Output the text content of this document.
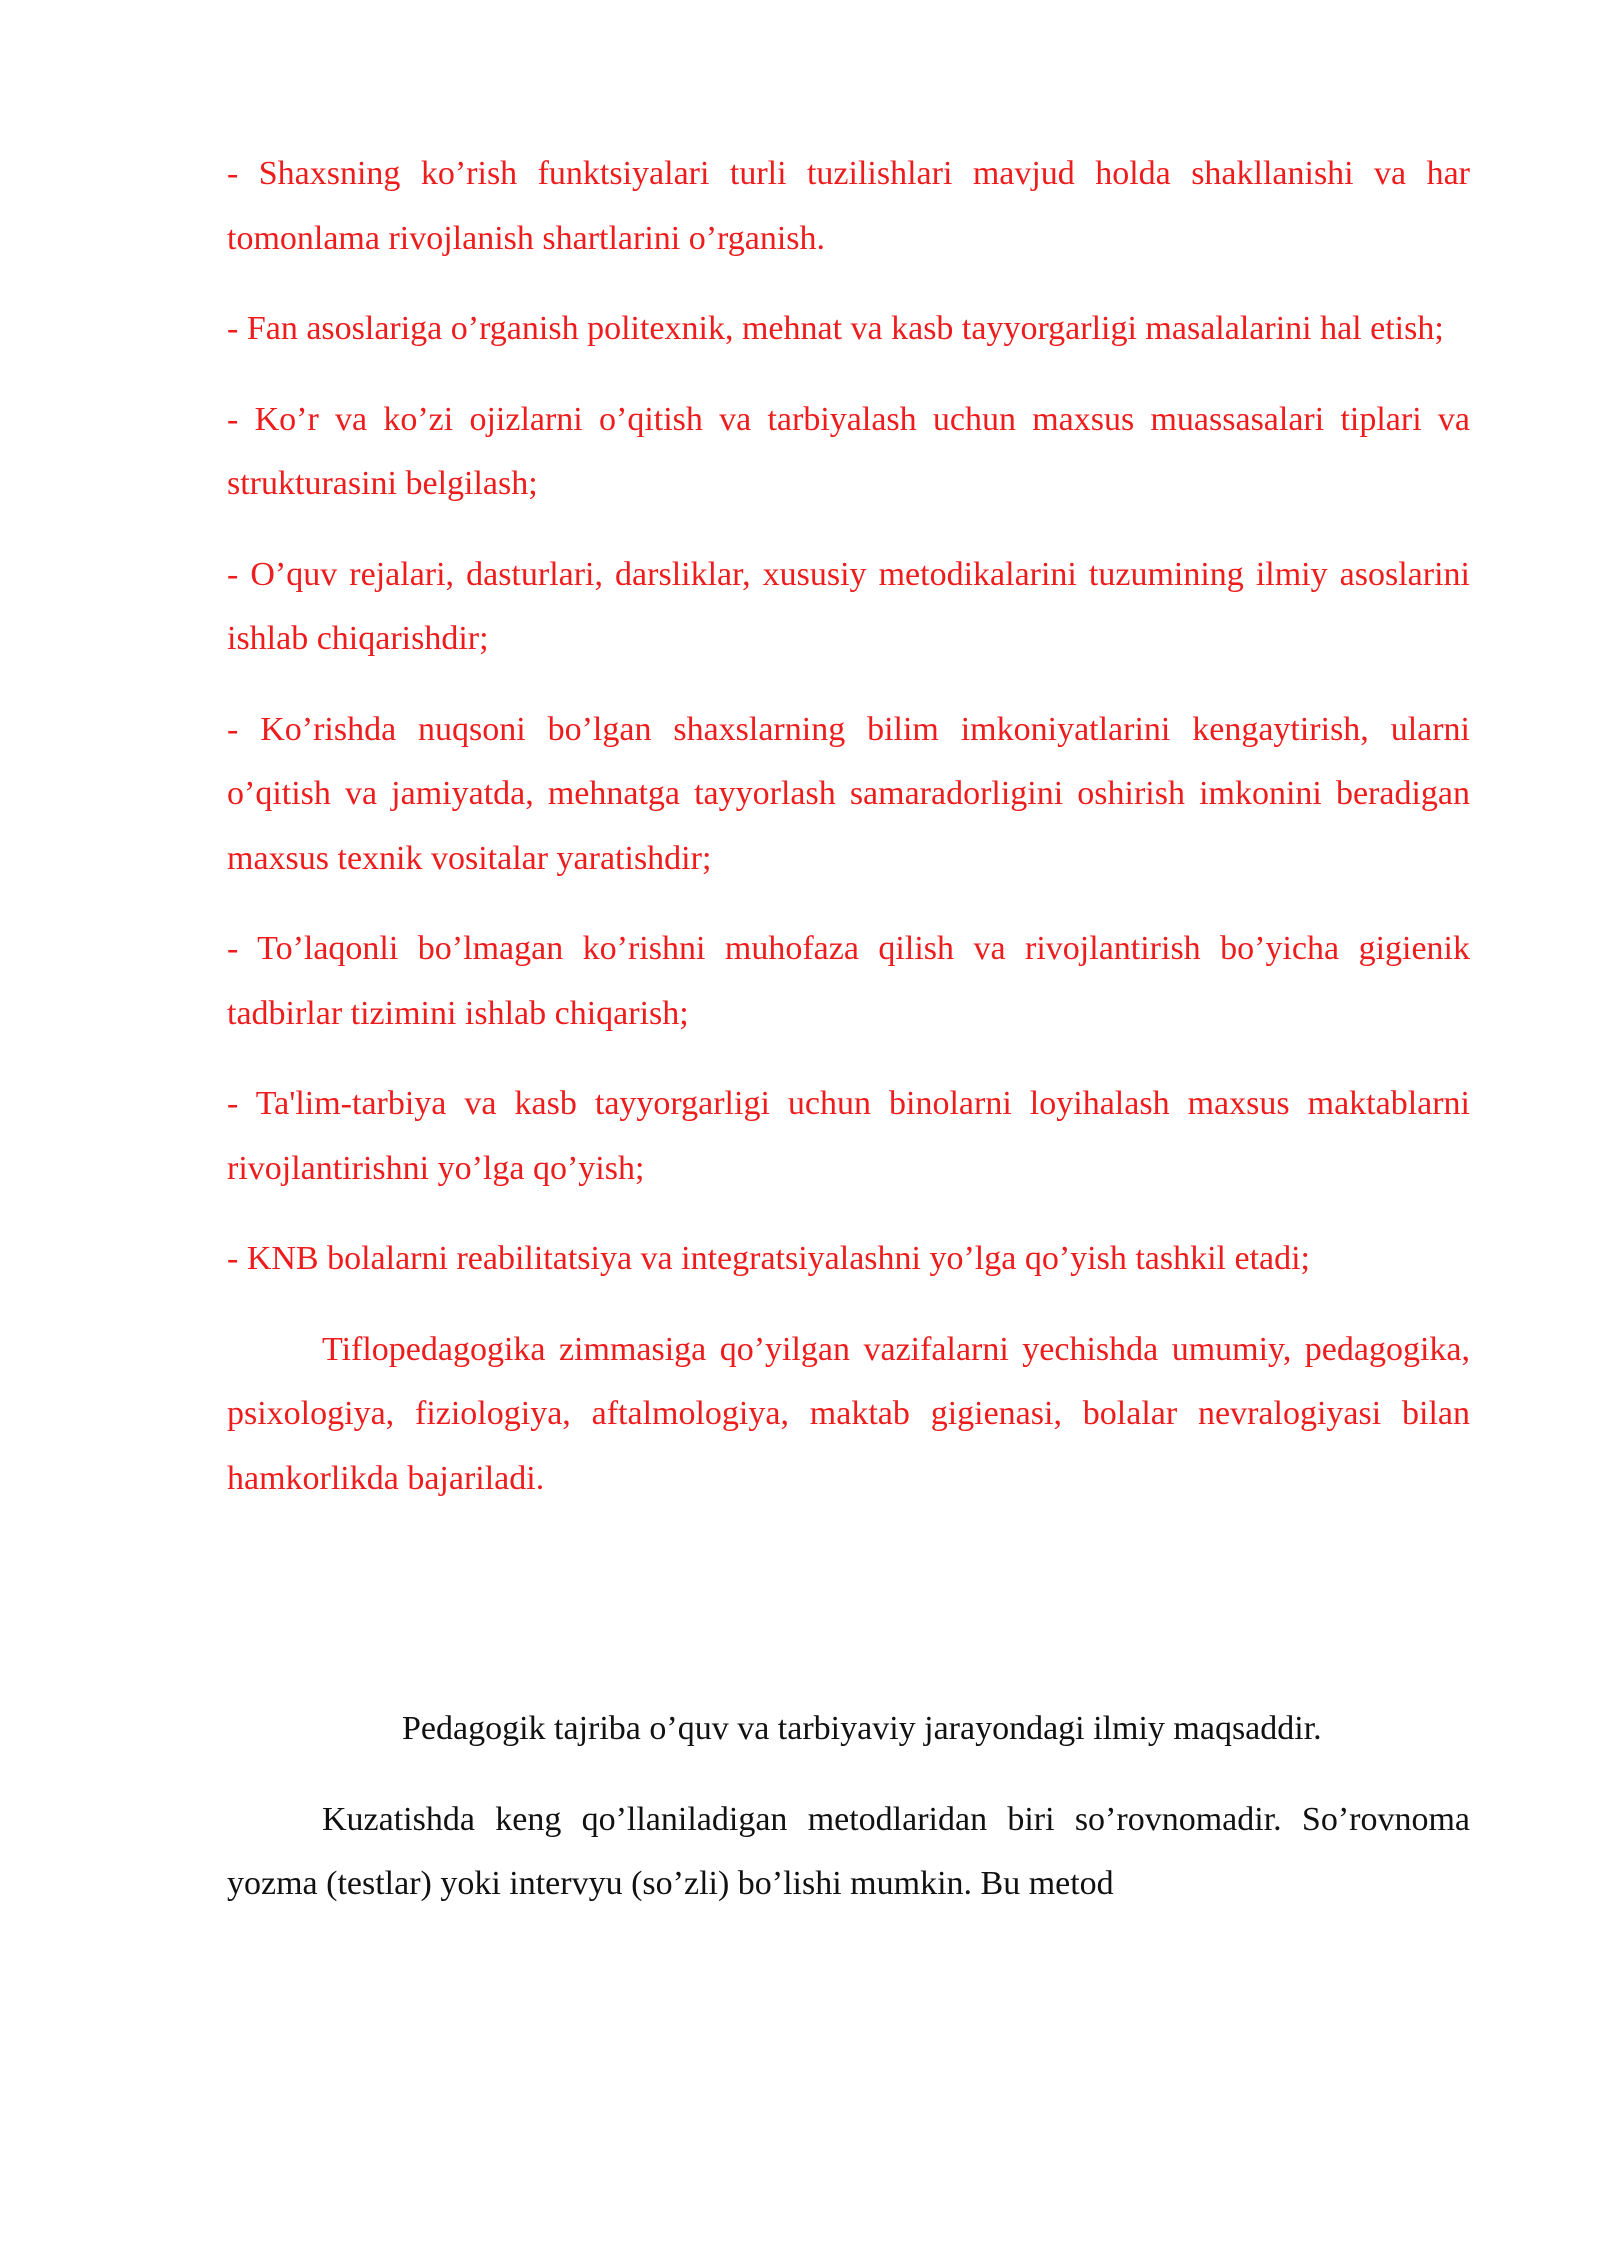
- Shaxsning ko’rish funktsiyalari turli tuzilishlari mavjud holda shakllanishi va har tomonlama rivojlanish shartlarini o’rganish.

- Fan asoslariga o’rganish politexnik, mehnat va kasb tayyorgarligi masalalarini hal etish;

- Ko’r va ko’zi ojizlarni o’qitish va tarbiyalash uchun maxsus muassasalari tiplari va strukturasini belgilash;

- O’quv rejalari, dasturlari, darsliklar, xususiy metodikalarini tuzumining ilmiy asoslarini ishlab chiqarishdir;

- Ko’rishda nuqsoni bo’lgan shaxslarning bilim imkoniyatlarini kengaytirish, ularni o’qitish va jamiyatda, mehnatga tayyorlash samaradorligini oshirish imkonini beradigan maxsus texnik vositalar yaratishdir;

- To’laqonli bo’lmagan ko’rishni muhofaza qilish va rivojlantirish bo’yicha gigienik tadbirlar tizimini ishlab chiqarish;

- Ta'lim-tarbiya va kasb tayyorgarligi uchun binolarni loyihalash maxsus maktablarni rivojlantirishni yo’lga qo’yish;

- KNB bolalarni reabilitatsiya va integratsiyalashni yo’lga qo’yish tashkil etadi;

Tiflopedagogika zimmasiga qo’yilgan vazifalarni yechishda umumiy, pedagogika, psixologiya, fiziologiya, aftalmologiya, maktab gigienasi, bolalar nevralogiyasi bilan hamkorlikda bajariladi.

Pedagogik tajriba o’quv va tarbiyaviy jarayondagi ilmiy maqsaddir.

Kuzatishda keng qo’llaniladigan metodlaridan biri so’rovnomadir. So’rovnoma yozma (testlar) yoki intervyu (so’zli) bo’lishi mumkin. Bu metod
